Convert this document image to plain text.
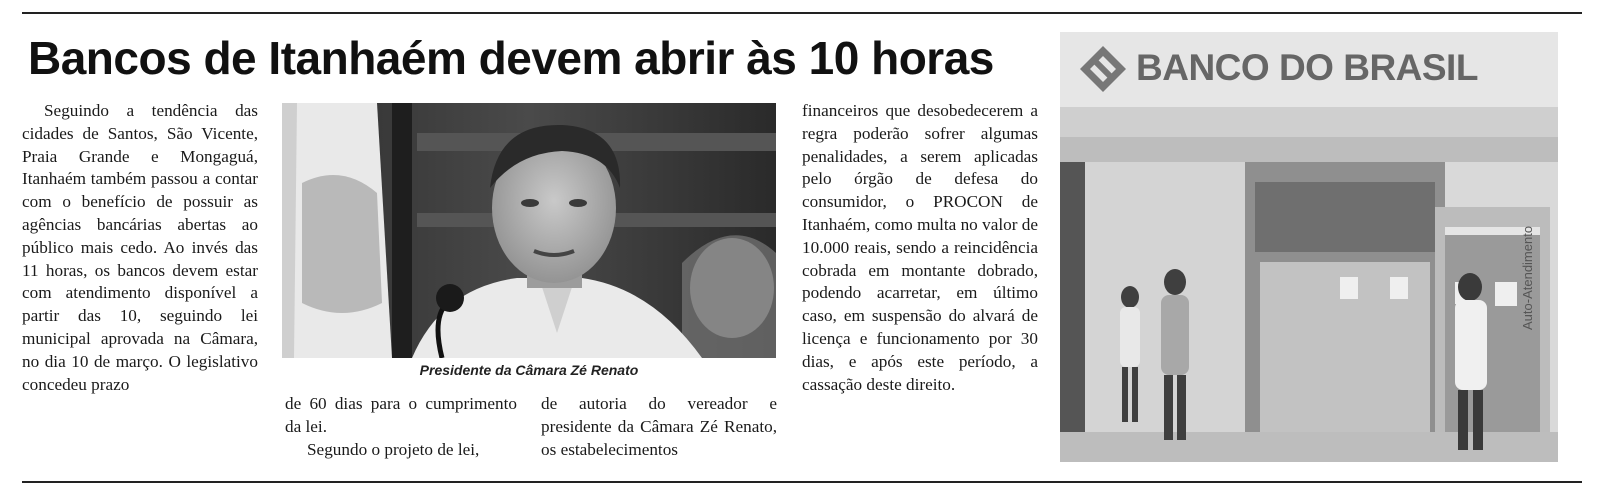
Bancos de Itanhaém devem abrir às 10 horas

Seguindo a tendência das cidades de Santos, São Vicente, Praia Grande e Mongaguá, Itanhaém também passou a contar com o benefício de possuir as agências bancárias abertas ao público mais cedo. Ao invés das 11 horas, os bancos devem estar com atendimento disponível a partir das 10, seguindo lei municipal aprovada na Câmara, no dia 10 de março. O legislativo concedeu prazo

Presidente da Câmara Zé Renato

de 60 dias para o cumprimento da lei.

Segundo o projeto de lei,

de autoria do vereador e presidente da Câmara Zé Renato, os estabelecimentos

financeiros que desobedecerem a regra poderão sofrer algumas penalidades, a serem aplicadas pelo órgão de defesa do consumidor, o PROCON de Itanhaém, como multa no valor de 10.000 reais, sendo a reincidência cobrada em montante dobrado, podendo acarretar, em último caso, em suspensão do alvará de licença e funcionamento por 30 dias, e após este período, a cassação deste direito.

BANCO DO BRASIL
Auto-Atendimento
